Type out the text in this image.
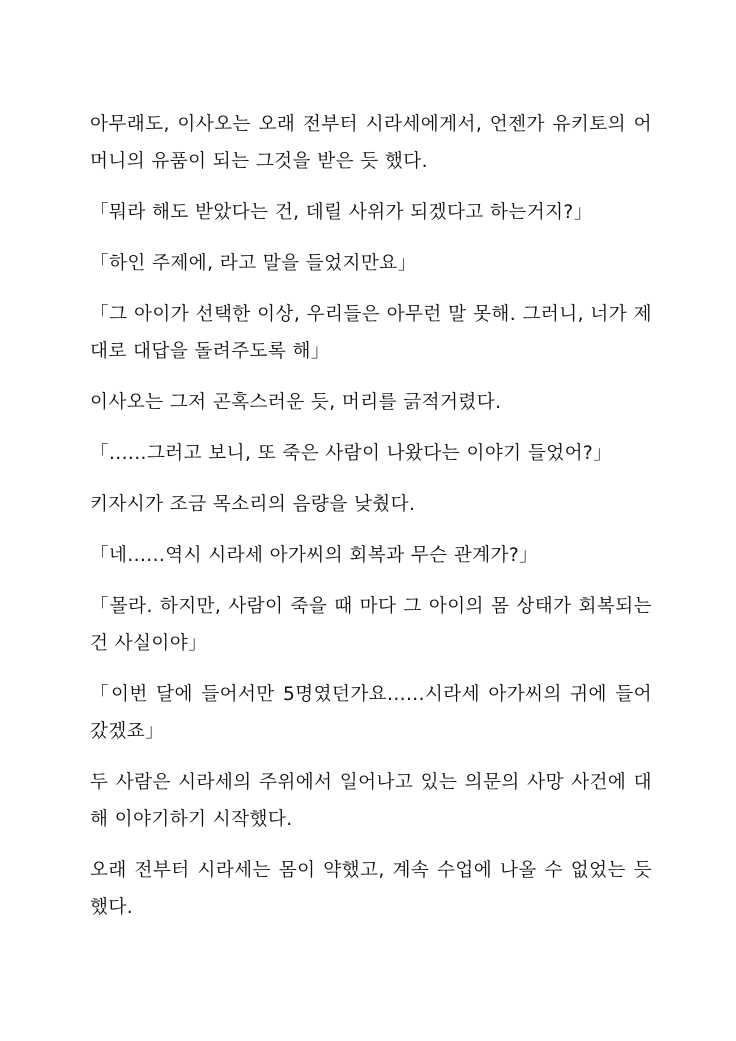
아무래도, 이사오는 오래 전부터 시라세에게서, 언젠가 유키토의 어머니의 유품이 되는 그것을 받은 듯 했다.

「뭐라 해도 받았다는 건, 데릴 사위가 되겠다고 하는거지?」

「하인 주제에, 라고 말을 들었지만요」

「그 아이가 선택한 이상, 우리들은 아무런 말 못해. 그러니, 너가 제대로 대답을 돌려주도록 해」

이사오는 그저 곤혹스러운 듯, 머리를 긁적거렸다.

「......그러고 보니, 또 죽은 사람이 나왔다는 이야기 들었어?」

키자시가 조금 목소리의 음량을 낮췄다.

「네......역시 시라세 아가씨의 회복과 무슨 관계가?」

「몰라. 하지만, 사람이 죽을 때 마다 그 아이의 몸 상태가 회복되는 건 사실이야」

「이번 달에 들어서만 5명였던가요......시라세 아가씨의 귀에 들어갔겠죠」

두 사람은 시라세의 주위에서 일어나고 있는 의문의 사망 사건에 대해 이야기하기 시작했다.

오래 전부터 시라세는 몸이 약했고, 계속 수업에 나올 수 없었는 듯 했다.
